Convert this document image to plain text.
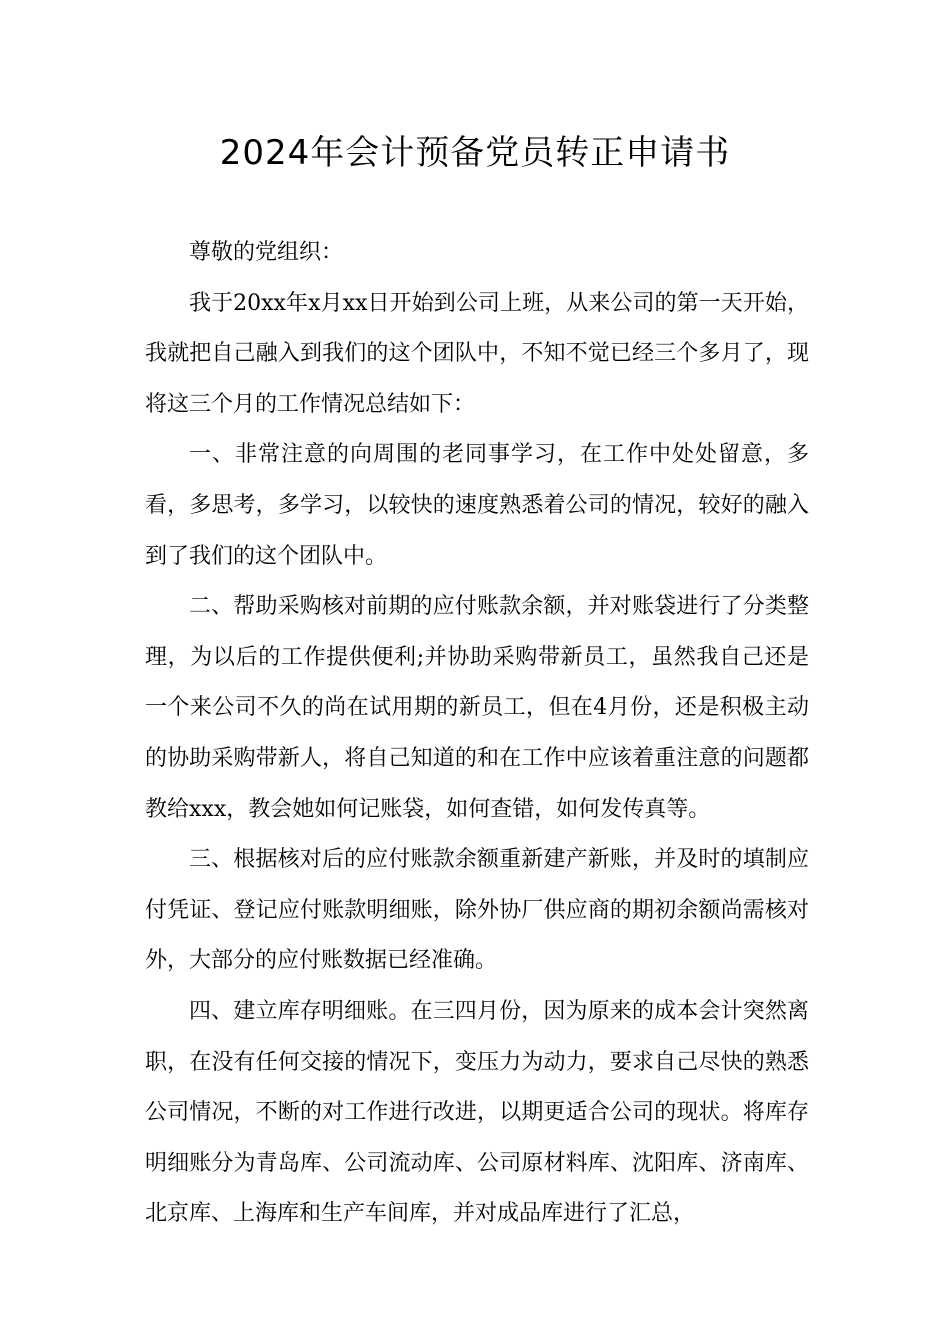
2024年会计预备党员转正申请书

尊敬的党组织：

我于20xx年x月xx日开始到公司上班，从来公司的第一天开始，我就把自己融入到我们的这个团队中，不知不觉已经三个多月了，现将这三个月的工作情况总结如下：

一、非常注意的向周围的老同事学习，在工作中处处留意，多看，多思考，多学习，以较快的速度熟悉着公司的情况，较好的融入到了我们的这个团队中。

二、帮助采购核对前期的应付账款余额，并对账袋进行了分类整理，为以后的工作提供便利;并协助采购带新员工，虽然我自己还是一个来公司不久的尚在试用期的新员工，但在4月份，还是积极主动的协助采购带新人，将自己知道的和在工作中应该着重注意的问题都教给xxx，教会她如何记账袋，如何查错，如何发传真等。

三、根据核对后的应付账款余额重新建产新账，并及时的填制应付凭证、登记应付账款明细账，除外协厂供应商的期初余额尚需核对外，大部分的应付账数据已经准确。

四、建立库存明细账。在三四月份，因为原来的成本会计突然离职，在没有任何交接的情况下，变压力为动力，要求自己尽快的熟悉公司情况，不断的对工作进行改进，以期更适合公司的现状。将库存明细账分为青岛库、公司流动库、公司原材料库、沈阳库、济南库、北京库、上海库和生产车间库，并对成品库进行了汇总，
